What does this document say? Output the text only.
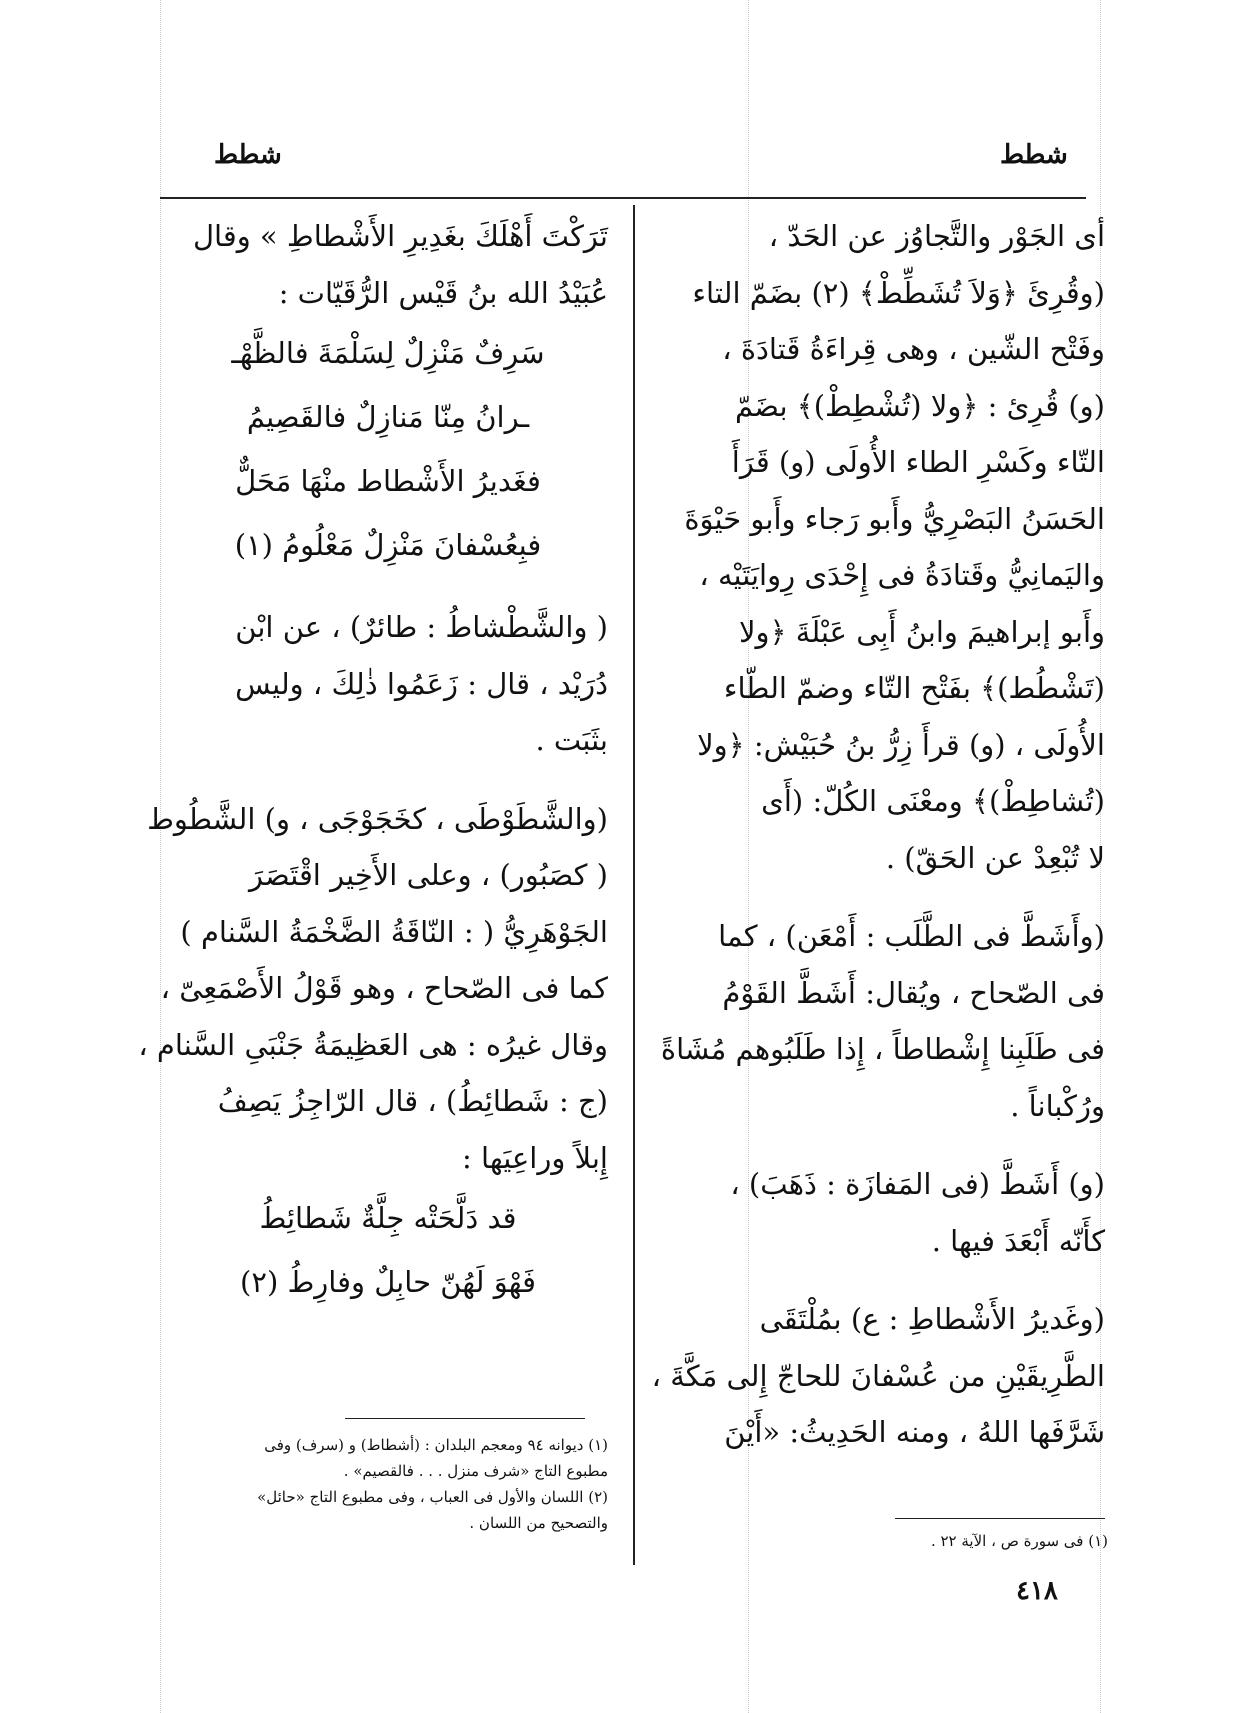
شطط
شطط
أى الجَوْر والتَّجاوُز عن الحَدّ ،
(وقُرِئَ ﴿وَلاَ تُشَطِّطْ﴾ (٢) بضَمّ التاء
وفَتْح الشّين ، وهى قِراءَةُ قَتادَةَ ،
(و) قُرِئ : ﴿ولا (تُشْطِطْ)﴾ بضَمّ
التّاء وكَسْرِ الطاء الأُولَى (و) قَرَأَ
الحَسَنُ البَصْرِيُّ وأَبو رَجاء وأَبو حَيْوَةَ
واليَمانِيُّ وقَتادَةُ فى إِحْدَى رِوايَتَيْه ،
وأَبو إبراهيمَ وابنُ أَبِى عَبْلَةَ ﴿ولا
(تَشْطُط)﴾ بفَتْح التّاء وضمّ الطّاء
الأُولَى ، (و) قرأَ زِرُّ بنُ حُبَيْش: ﴿ولا
(تُشاطِطْ)﴾ ومعْنَى الكُلّ: (أَى
لا تُبْعِدْ عن الحَقّ) .
(وأَشَطَّ فى الطَّلَب : أَمْعَن) ، كما
فى الصّحاح ، ويُقال: أَشَطَّ القَوْمُ
فى طَلَبِنا إِشْطاطاً ، إِذا طَلَبُوهم مُشَاةً
ورُكْباناً .
(و) أَشَطَّ (فى المَفازَة : ذَهَبَ) ،
كأَنّه أَبْعَدَ فيها .
(وغَديرُ الأَشْطاطِ : ع) بمُلْتَقَى
الطَّرِيقَيْنِ من عُسْفانَ للحاجّ إِلى مَكَّةَ ،
شَرَّفَها اللهُ ، ومنه الحَدِيثُ: «أَيْنَ
تَرَكْتَ أَهْلَكَ بغَدِيرِ الأَشْطاطِ » وقال
عُبَيْدُ الله بنُ قَيْس الرُّقَيّات :
سَرِفٌ مَنْزِلٌ لِسَلْمَةَ فالظَّهْـ
ـرانُ مِنّا مَنازِلٌ فالقَصِيمُ
فغَديرُ الأَشْطاط منْهَا مَحَلٌّ
فبِعُسْفانَ مَنْزِلٌ مَعْلُومُ (١)
( والشَّطْشاطُ : طائرٌ) ، عن ابْن
دُرَيْد ، قال : زَعَمُوا ذٰلِكَ ، وليس
بثَبَت .
(والشَّطَوْطَى ، كخَجَوْجَى ، و) الشَّطُوط
( كصَبُور) ، وعلى الأَخِير اقْتَصَرَ
الجَوْهَرِيُّ ( : النّاقَةُ الضَّخْمَةُ السَّنام )
كما فى الصّحاح ، وهو قَوْلُ الأَصْمَعِىّ ،
وقال غيرُه : هى العَظِيمَةُ جَنْبَىِ السَّنام ،
(ج : شَطائِطُ) ، قال الرّاجِزُ يَصِفُ
إِبلاً وراعِيَها :
قد دَلَّحَتْه جِلَّةٌ شَطائِطُ
فَهْوَ لَهُنّ حابِلٌ وفارِطُ (٢)
(١) ديوانه ٩٤ ومعجم البلدان : (أشطاط) و (سرف) وفى
مطبوع التاج «شرف منزل . . . فالقصيم» .
(٢) اللسان والأول فى العباب ، وفى مطبوع التاج «حائل»
والتصحيح من اللسان .
(١) فى سورة ص ، الآية ٢٢ .
٤١٨
